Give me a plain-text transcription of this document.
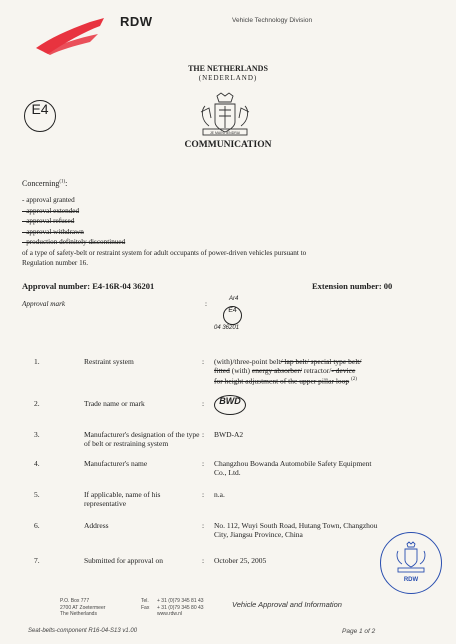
RDW	Vehicle Technology Division
THE NETHERLANDS
(NEDERLAND)
E4
JE MAINTIENDRAI
COMMUNICATION
Concerning$^{(1)}$:
- approval granted
- approval extended
- approval refused
- approval withdrawn
- production definitely discontinued
of a type of safety-belt or restraint system for adult occupants of power-driven vehicles pursuant to
Regulation number 16.
Approval number: E4-16R-04 36201	Extension number: 00
Approval mark	:
Ar4
E4
04 36201
1.	Restraint system	: (with)/three-point belt/ lap belt/ special type belt/
fitted (with) energy absorber/ retractor/- device
for height adjustment of the upper pillar loop $^{(2)}$
2.	Trade name or mark	:	BWD
3.	Manufacturer's designation of the type of belt or restraining system
: BWD-A2
4.	Manufacturer's name	: Changzhou Bowanda Automobile Safety Equipment Co., Ltd.
5.	If applicable, name of his representative
: n.a.
6.	Address	: No. 112, Wuyi South Road, Hutang Town, Changzhou City, Jiangsu Province, China
7.	Submitted for approval on	: October 25, 2005
RDW
P.O. Box 777
2700 AT Zoetermeer
The Netherlands
Tel.
Fax
+ 31 (0)79 345 81 43
+ 31 (0)79 345 80 43
www.rdw.nl
Vehicle Approval and Information
Seat-belts-component R16-04-S13 v1.00	Page 1 of 2
